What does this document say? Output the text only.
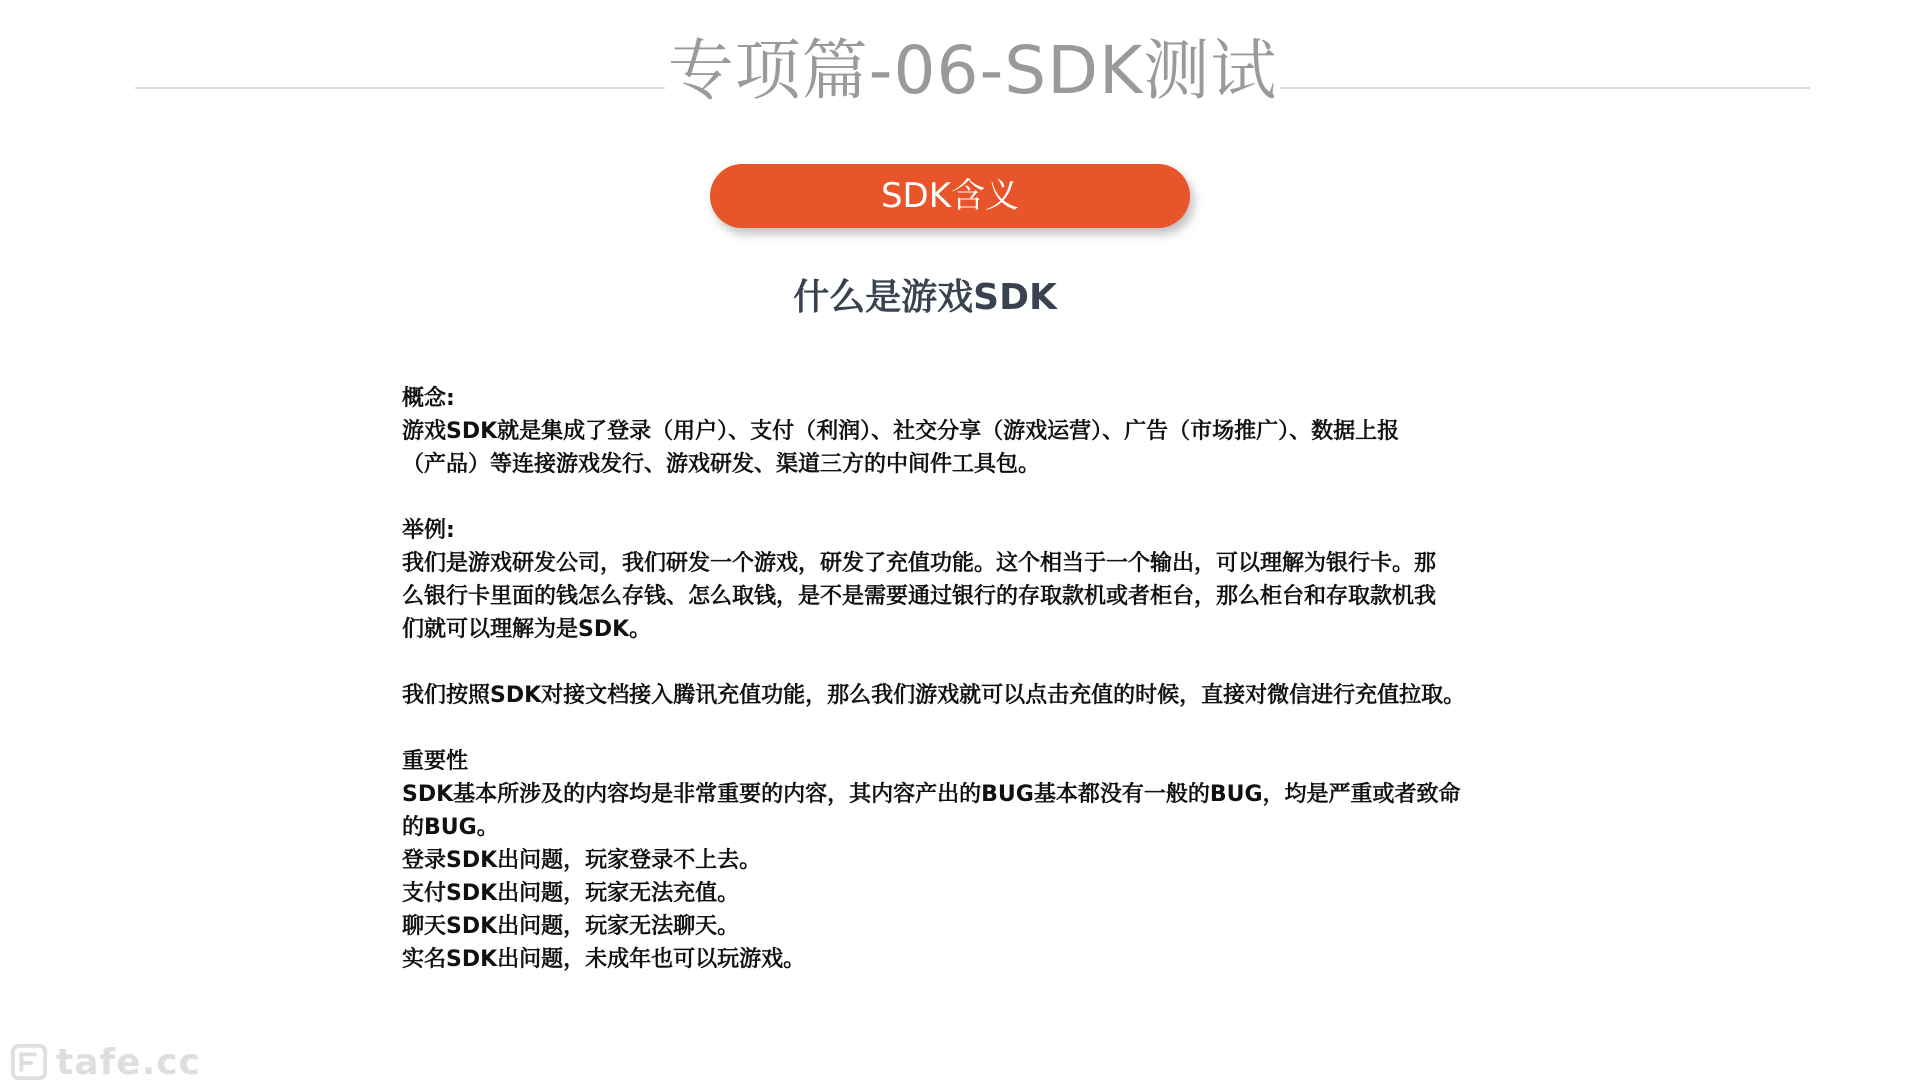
专项篇-06-SDK测试
SDK含义
什么是游戏SDK

概念:

游戏SDK就是集成了登录（用户）、支付（利润）、社交分享（游戏运营）、广告（市场推广）、数据上报

（产品）等连接游戏发行、游戏研发、渠道三方的中间件工具包。

举例:

我们是游戏研发公司，我们研发一个游戏，研发了充值功能。这个相当于一个输出，可以理解为银行卡。那

么银行卡里面的钱怎么存钱、怎么取钱，是不是需要通过银行的存取款机或者柜台，那么柜台和存取款机我

们就可以理解为是SDK。

我们按照SDK对接文档接入腾讯充值功能，那么我们游戏就可以点击充值的时候，直接对微信进行充值拉取。

重要性

SDK基本所涉及的内容均是非常重要的内容，其内容产出的BUG基本都没有一般的BUG，均是严重或者致命

的BUG。

登录SDK出问题，玩家登录不上去。

支付SDK出问题，玩家无法充值。

聊天SDK出问题，玩家无法聊天。

实名SDK出问题，未成年也可以玩游戏。

tafe.cc
